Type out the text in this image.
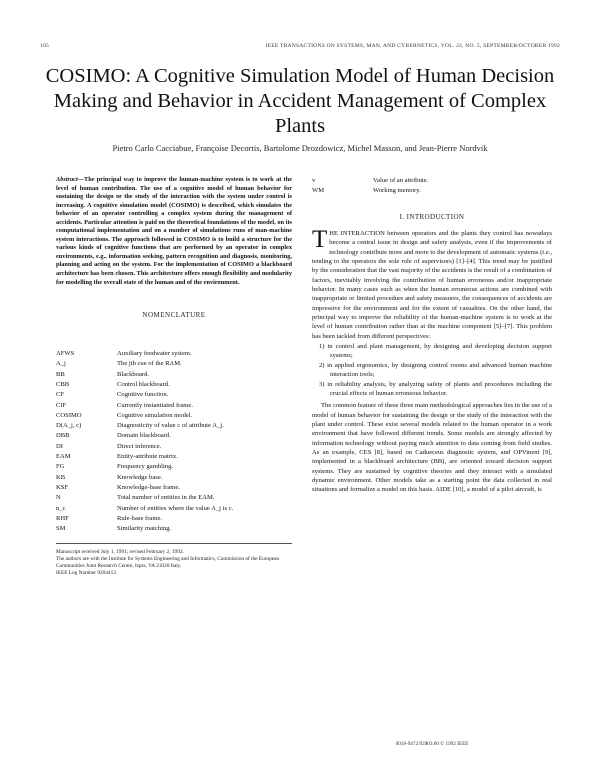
105	IEEE TRANSACTIONS ON SYSTEMS, MAN, AND CYBERNETICS, VOL. 22, NO. 5, SEPTEMBER/OCTOBER 1992
COSIMO: A Cognitive Simulation Model of Human Decision Making and Behavior in Accident Management of Complex Plants
Pietro Carlo Cacciabue, Françoise Decortis, Bartolome Drozdowicz, Michel Masson, and Jean-Pierre Nordvik

Abstract—The principal way to improve the human-machine system is to work at the level of human contribution. The use of a cognitive model of human behavior for sustaining the design or the study of the interaction with the system under control is increasing. A cognitive simulation model (COSIMO) is described, which simulates the behavior of an operator controlling a complex system during the management of accidents. Particular attention is paid on the theoretical foundations of the model, on its computational implementation and on a number of simulations runs of man-machine system interactions. The approach followed in COSIMO is to build a structure for the various kinds of cognitive functions that are performed by an operator in complex environments, e.g., information seeking, pattern recognition and diagnosis, monitoring, planning and acting on the system. For the implementation of COSIMO a blackboard architecture has been chosen. This architecture offers enough flexibility and modularity for modelling the overall state of the human and of the environment.

NOMENCLATURE
AFWS	Auxiliary feedwater system.
A_j	The jth cue of the RAM.
BB	Blackboard.
CBB	Control blackboard.
CF	Cognitive function.
CIF	Currently instantiated frame.
COSIMO	Cognitive simulation model.
D(A_j, c)	Diagnosticity of value c of attribute A_j.
DBB	Domain blackboard.
DI	Direct inference.
EAM	Entity-attribute matrix.
FG	Frequency gambling.
KB	Knowledge base.
KSF	Knowledge-base frame.
N	Total number of entities in the EAM.
n_c	Number of entities where the value A_j is c.
RHF	Rule-base frame.
SM	Similarity matching.
Manuscript received July 1, 1991; revised February 2, 1992.
The authors are with the Institute for Systems Engineering and Informatics, Commission of the European Communities Joint Research Centre, Ispra, VA 21020 Italy.
IEEE Log Number 9204412.
v	Value of an attribute.
WM	Working memory.
I. INTRODUCTION

THE INTERACTION between operators and the plants they control has nowadays become a central issue in design and safety analysis, even if the improvements of technology contribute more and more to the development of automatic systems (i.e., tending to the operators the sole role of supervisors) [1]–[4]. This trend may be justified by the consideration that the vast majority of the accidents is the result of a combination of factors, inevitably involving the contribution of human erroneous and/or inappropriate behavior. In many cases such as when the human erroneous actions are combined with inappropriate or limited procedure and safety measures, the consequences of accidents are impressive for the environment and for the extent of casualties. On the other hand, the principal way to improve the reliability of the human-machine system is to work at the level of human contribution rather than at the machine component [5]–[7]. This problem has been tackled from different perspectives:

1) in control and plant management, by designing and developing decision support systems;
2) in applied ergonomics, by designing control rooms and advanced human machine interaction tools;
3) in reliability analysis, by analyzing safety of plants and procedures including the crucial effects of human erroneous behavior.

The common feature of these three main methodological approaches lies in the use of a model of human behavior for sustaining the design or the study of the interaction with the plant under control. These exist several models related to the human operator in a work environment that have followed different trends. Some models are strongly affected by information technology without paying much attention to data coming from field studies. As an example, CES [8], based on Cadueceus diagnostic system, and OPVinent [9], implemented in a blackboard architecture (BB), are oriented toward decision support systems. They are sustained by cognitive theories and they interact with a simulated dynamic environment. Other models take as a starting point the data collected in real situations and formalize a model on this basis. AIDE [10], a model of a pilot aircraft, is

0018-9472/92$03.00 © 1992 IEEE
